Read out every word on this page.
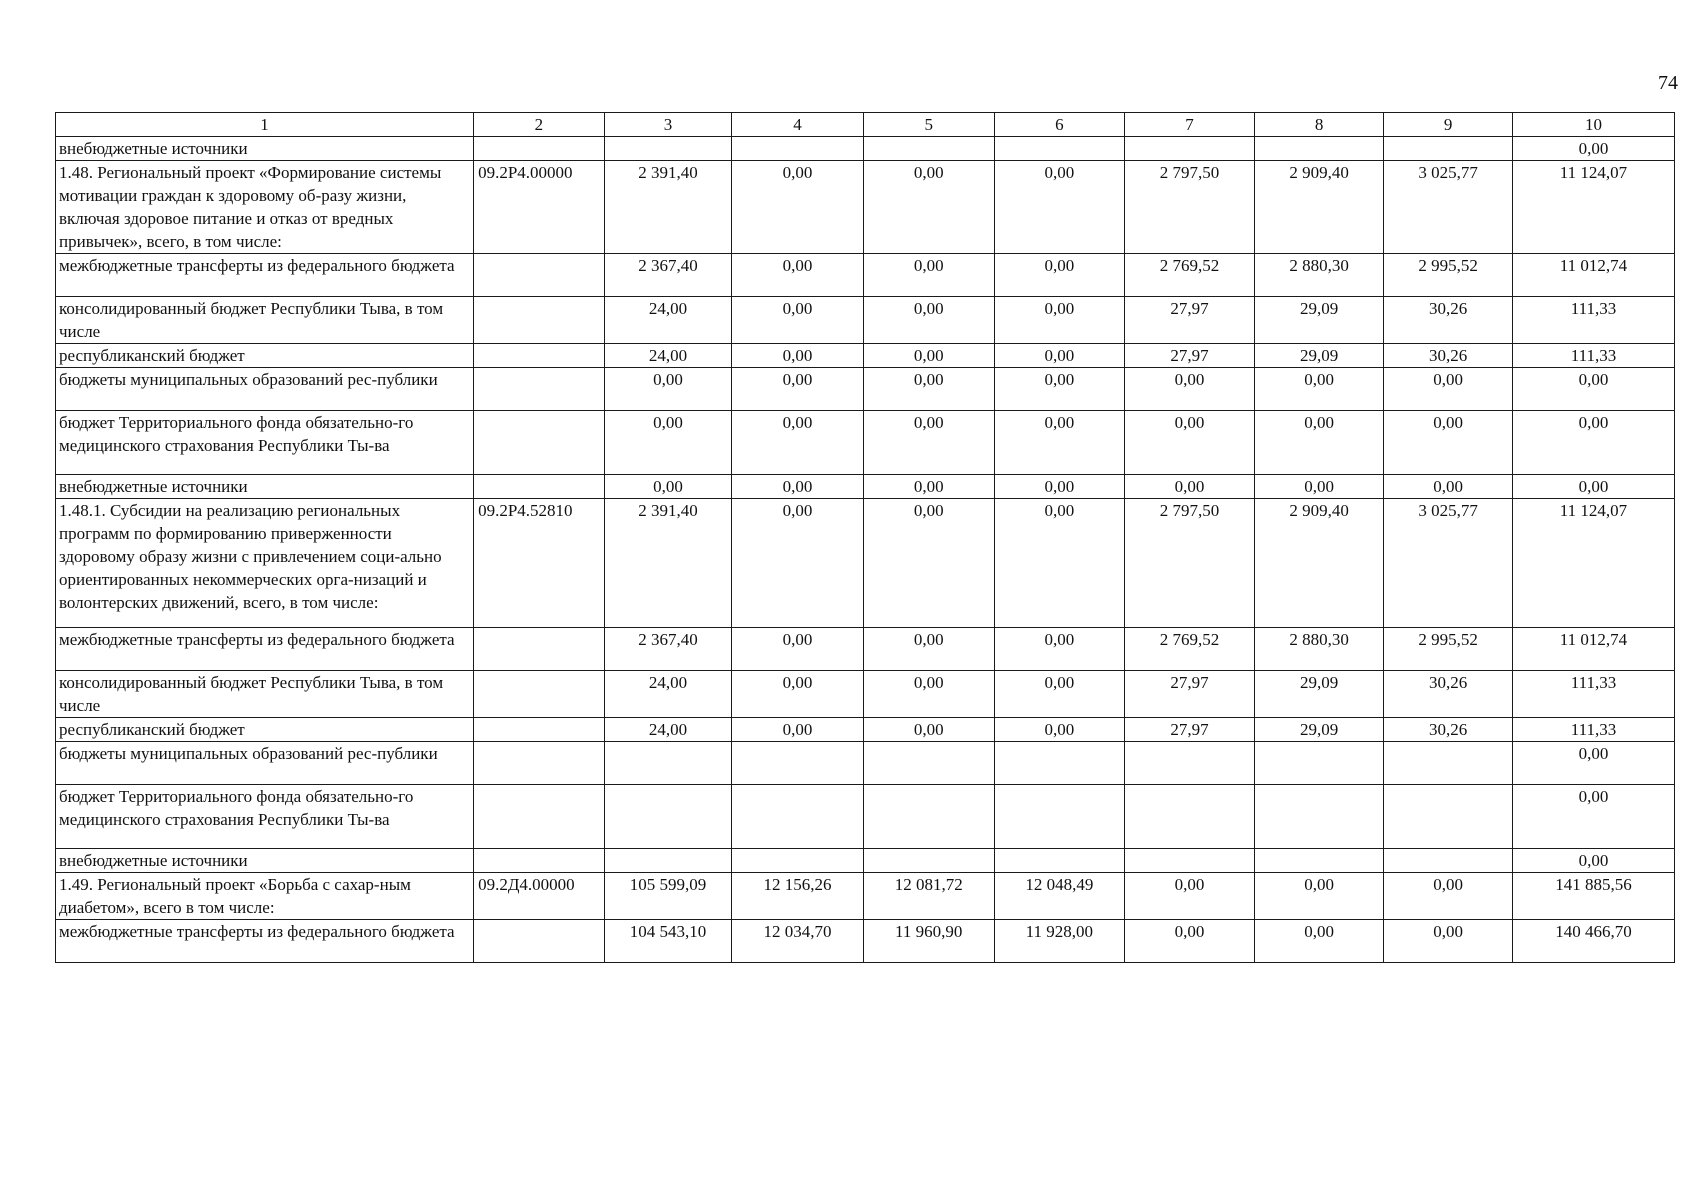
74
1	2	3	4	5	6	7	8	9	10
внебюджетные источники									0,00
1.48. Региональный проект «Формирование системы мотивации граждан к здоровому об-разу жизни, включая здоровое питание и отказ от вредных привычек», всего, в том числе:	09.2Р4.00000	2 391,40	0,00	0,00	0,00	2 797,50	2 909,40	3 025,77	11 124,07
межбюджетные трансферты из федерального бюджета		2 367,40	0,00	0,00	0,00	2 769,52	2 880,30	2 995,52	11 012,74
консолидированный бюджет Республики Тыва, в том числе		24,00	0,00	0,00	0,00	27,97	29,09	30,26	111,33
республиканский бюджет		24,00	0,00	0,00	0,00	27,97	29,09	30,26	111,33
бюджеты муниципальных образований рес-публики		0,00	0,00	0,00	0,00	0,00	0,00	0,00	0,00
бюджет Территориального фонда обязательно-го медицинского страхования Республики Ты-ва		0,00	0,00	0,00	0,00	0,00	0,00	0,00	0,00
внебюджетные источники		0,00	0,00	0,00	0,00	0,00	0,00	0,00	0,00
1.48.1. Субсидии на реализацию региональных программ по формированию приверженности здоровому образу жизни с привлечением соци-ально ориентированных некоммерческих орга-низаций и волонтерских движений, всего, в том числе:	09.2Р4.52810	2 391,40	0,00	0,00	0,00	2 797,50	2 909,40	3 025,77	11 124,07
межбюджетные трансферты из федерального бюджета		2 367,40	0,00	0,00	0,00	2 769,52	2 880,30	2 995,52	11 012,74
консолидированный бюджет Республики Тыва, в том числе		24,00	0,00	0,00	0,00	27,97	29,09	30,26	111,33
республиканский бюджет		24,00	0,00	0,00	0,00	27,97	29,09	30,26	111,33
бюджеты муниципальных образований рес-публики									0,00
бюджет Территориального фонда обязательно-го медицинского страхования Республики Ты-ва									0,00
внебюджетные источники									0,00
1.49. Региональный проект «Борьба с сахар-ным диабетом», всего в том числе:	09.2Д4.00000	105 599,09	12 156,26	12 081,72	12 048,49	0,00	0,00	0,00	141 885,56
межбюджетные трансферты из федерального бюджета		104 543,10	12 034,70	11 960,90	11 928,00	0,00	0,00	0,00	140 466,70
